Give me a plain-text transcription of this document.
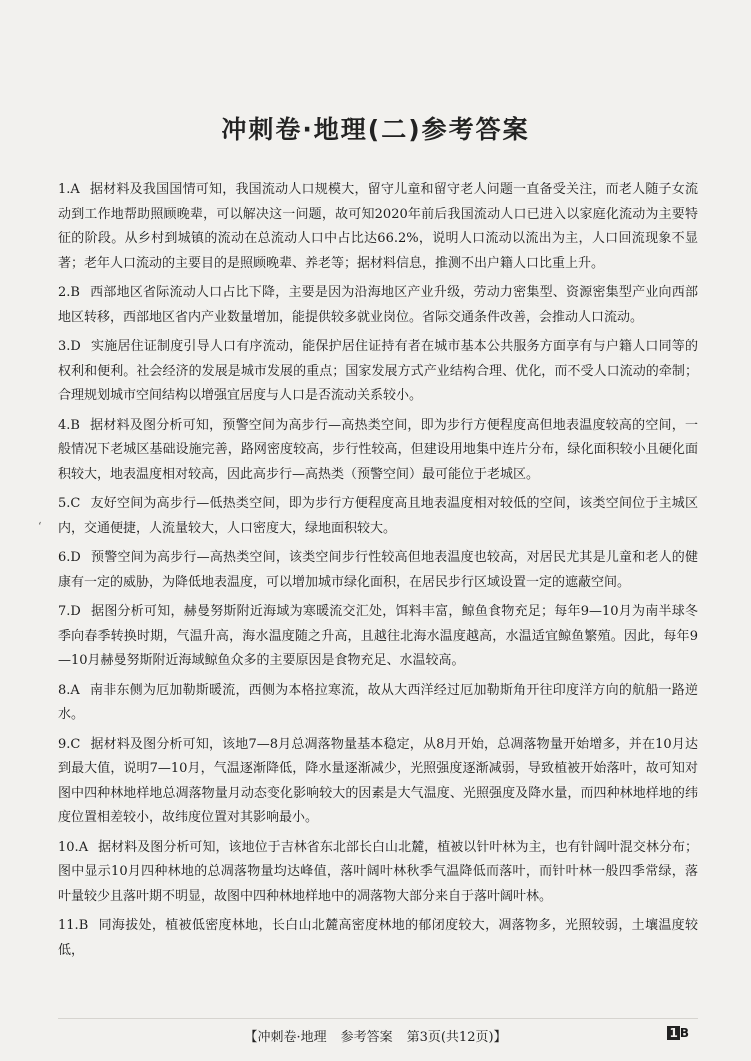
冲刺卷·地理(二)参考答案
‘
1.A 据材料及我国国情可知，我国流动人口规模大，留守儿童和留守老人问题一直备受关注，而老人随子女流动到工作地帮助照顾晚辈，可以解决这一问题，故可知2020年前后我国流动人口已进入以家庭化流动为主要特征的阶段。从乡村到城镇的流动在总流动人口中占比达66.2%，说明人口流动以流出为主，人口回流现象不显著；老年人口流动的主要目的是照顾晚辈、养老等；据材料信息，推测不出户籍人口比重上升。
2.B 西部地区省际流动人口占比下降，主要是因为沿海地区产业升级，劳动力密集型、资源密集型产业向西部地区转移，西部地区省内产业数量增加，能提供较多就业岗位。省际交通条件改善，会推动人口流动。
3.D 实施居住证制度引导人口有序流动，能保护居住证持有者在城市基本公共服务方面享有与户籍人口同等的权利和便利。社会经济的发展是城市发展的重点；国家发展方式产业结构合理、优化，而不受人口流动的牵制；合理规划城市空间结构以增强宜居度与人口是否流动关系较小。
4.B 据材料及图分析可知，预警空间为高步行—高热类空间，即为步行方便程度高但地表温度较高的空间，一般情况下老城区基础设施完善，路网密度较高，步行性较高，但建设用地集中连片分布，绿化面积较小且硬化面积较大，地表温度相对较高，因此高步行—高热类（预警空间）最可能位于老城区。
5.C 友好空间为高步行—低热类空间，即为步行方便程度高且地表温度相对较低的空间，该类空间位于主城区内，交通便捷，人流量较大，人口密度大，绿地面积较大。
6.D 预警空间为高步行—高热类空间，该类空间步行性较高但地表温度也较高，对居民尤其是儿童和老人的健康有一定的威胁，为降低地表温度，可以增加城市绿化面积，在居民步行区域设置一定的遮蔽空间。
7.D 据图分析可知，赫曼努斯附近海域为寒暖流交汇处，饵料丰富，鲸鱼食物充足；每年9—10月为南半球冬季向春季转换时期，气温升高，海水温度随之升高，且越往北海水温度越高，水温适宜鲸鱼繁殖。因此，每年9—10月赫曼努斯附近海域鲸鱼众多的主要原因是食物充足、水温较高。
8.A 南非东侧为厄加勒斯暖流，西侧为本格拉寒流，故从大西洋经过厄加勒斯角开往印度洋方向的航船一路逆水。
9.C 据材料及图分析可知，该地7—8月总凋落物量基本稳定，从8月开始，总凋落物量开始增多，并在10月达到最大值，说明7—10月，气温逐渐降低，降水量逐渐减少，光照强度逐渐减弱，导致植被开始落叶，故可知对图中四种林地样地总凋落物量月动态变化影响较大的因素是大气温度、光照强度及降水量，而四种林地样地的纬度位置相差较小，故纬度位置对其影响最小。
10.A 据材料及图分析可知，该地位于吉林省东北部长白山北麓，植被以针叶林为主，也有针阔叶混交林分布；图中显示10月四种林地的总凋落物量均达峰值，落叶阔叶林秋季气温降低而落叶，而针叶林一般四季常绿，落叶量较少且落叶期不明显，故图中四种林地样地中的凋落物大部分来自于落叶阔叶林。
11.B 同海拔处，植被低密度林地，长白山北麓高密度林地的郁闭度较大，凋落物多，光照较弱，土壤温度较低，
【冲刺卷·地理 参考答案 第3页(共12页)】	1 B
